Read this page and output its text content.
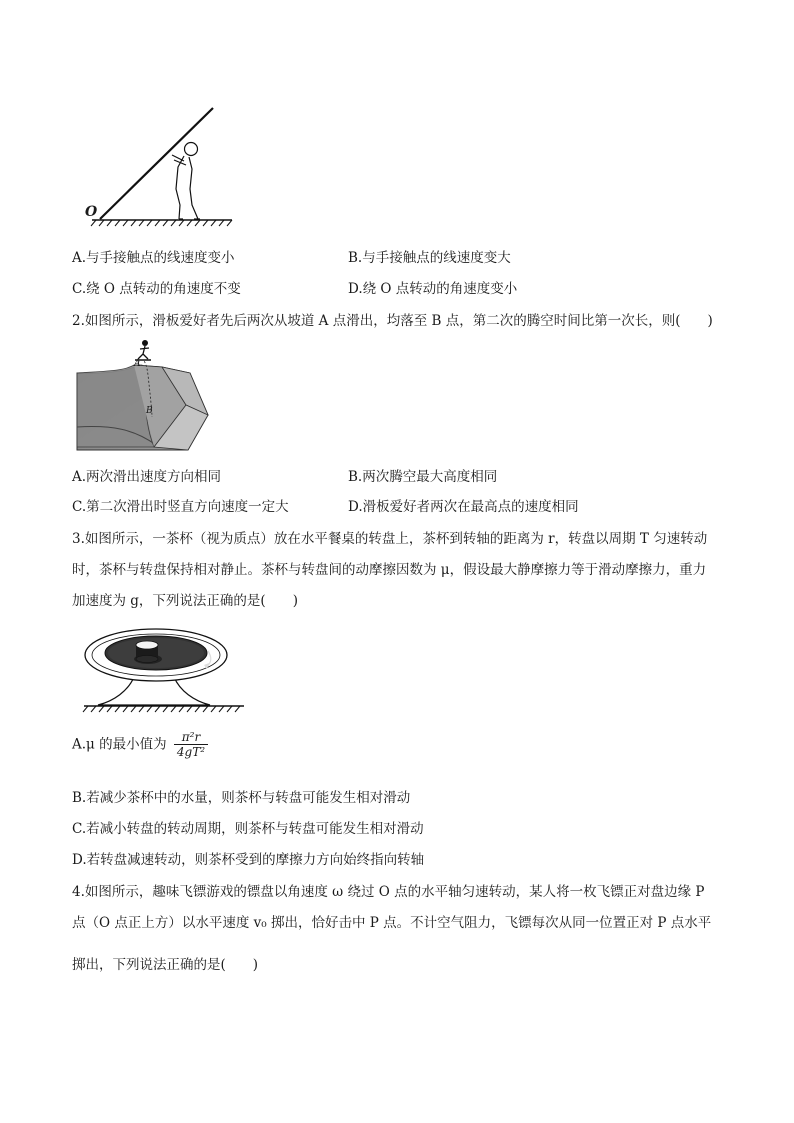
O
A.与手接触点的线速度变小	B.与手接触点的线速度变大
C.绕 O 点转动的角速度不变	D.绕 O 点转动的角速度变小
2.如图所示，滑板爱好者先后两次从坡道 A 点滑出，均落至 B 点，第二次的腾空时间比第一次长，则(　　)
A
B
A.两次滑出速度方向相同	B.两次腾空最大高度相同
C.第二次滑出时竖直方向速度一定大	D.滑板爱好者两次在最高点的速度相同
3.如图所示，一茶杯（视为质点）放在水平餐桌的转盘上，茶杯到转轴的距离为 r，转盘以周期 T 匀速转动
时，茶杯与转盘保持相对静止。茶杯与转盘间的动摩擦因数为 μ，假设最大静摩擦力等于滑动摩擦力，重力
加速度为 g，下列说法正确的是(　　)
A.μ 的最小值为 $\frac{\text{π²r}}{\text{4gT²}}$
B.若减少茶杯中的水量，则茶杯与转盘可能发生相对滑动
C.若减小转盘的转动周期，则茶杯与转盘可能发生相对滑动
D.若转盘减速转动，则茶杯受到的摩擦力方向始终指向转轴
4.如图所示，趣味飞镖游戏的镖盘以角速度 ω 绕过 O 点的水平轴匀速转动，某人将一枚飞镖正对盘边缘 P
点（O 点正上方）以水平速度 v₀ 掷出，恰好击中 P 点。不计空气阻力，飞镖每次从同一位置正对 P 点水平
掷出，下列说法正确的是(　　)
